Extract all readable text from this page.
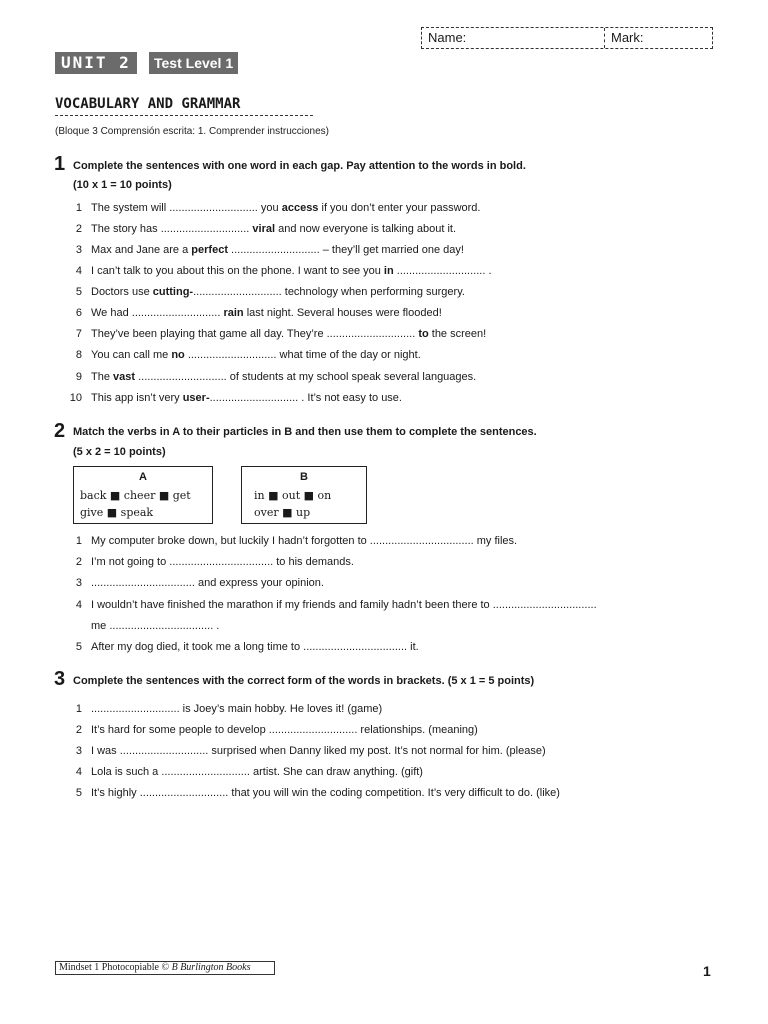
Name:	Mark:
UNIT 2	Test Level 1
VOCABULARY AND GRAMMAR
(Bloque 3 Comprensión escrita: 1. Comprender instrucciones)
1 Complete the sentences with one word in each gap. Pay attention to the words in bold.
(10 x 1 = 10 points)
1 The system will ............................. you access if you don’t enter your password.
2 The story has ............................. viral and now everyone is talking about it.
3 Max and Jane are a perfect ............................. – they’ll get married one day!
4 I can’t talk to you about this on the phone. I want to see you in ............................. .
5 Doctors use cutting-............................. technology when performing surgery.
6 We had ............................. rain last night. Several houses were flooded!
7 They’ve been playing that game all day. They’re ............................. to the screen!
8 You can call me no ............................. what time of the day or night.
9 The vast ............................. of students at my school speak several languages.
10 This app isn’t very user-............................. . It’s not easy to use.
2 Match the verbs in A to their particles in B and then use them to complete the sentences.
(5 x 2 = 10 points)
A
back ■ cheer ■ get
give ■ speak
B
in ■ out ■ on
over ■ up
1 My computer broke down, but luckily I hadn’t forgotten to .................................. my files.
2 I’m not going to .................................. to his demands.
3 .................................. and express your opinion.
4 I wouldn’t have finished the marathon if my friends and family hadn’t been there to ..................................
me .................................. .
5 After my dog died, it took me a long time to .................................. it.
3 Complete the sentences with the correct form of the words in brackets. (5 x 1 = 5 points)
1 ............................. is Joey’s main hobby. He loves it! (game)
2 It’s hard for some people to develop ............................. relationships. (meaning)
3 I was ............................. surprised when Danny liked my post. It’s not normal for him. (please)
4 Lola is such a ............................. artist. She can draw anything. (gift)
5 It’s highly ............................. that you will win the coding competition. It’s very difficult to do. (like)
Mindset 1 Photocopiable © B Burlington Books	1
